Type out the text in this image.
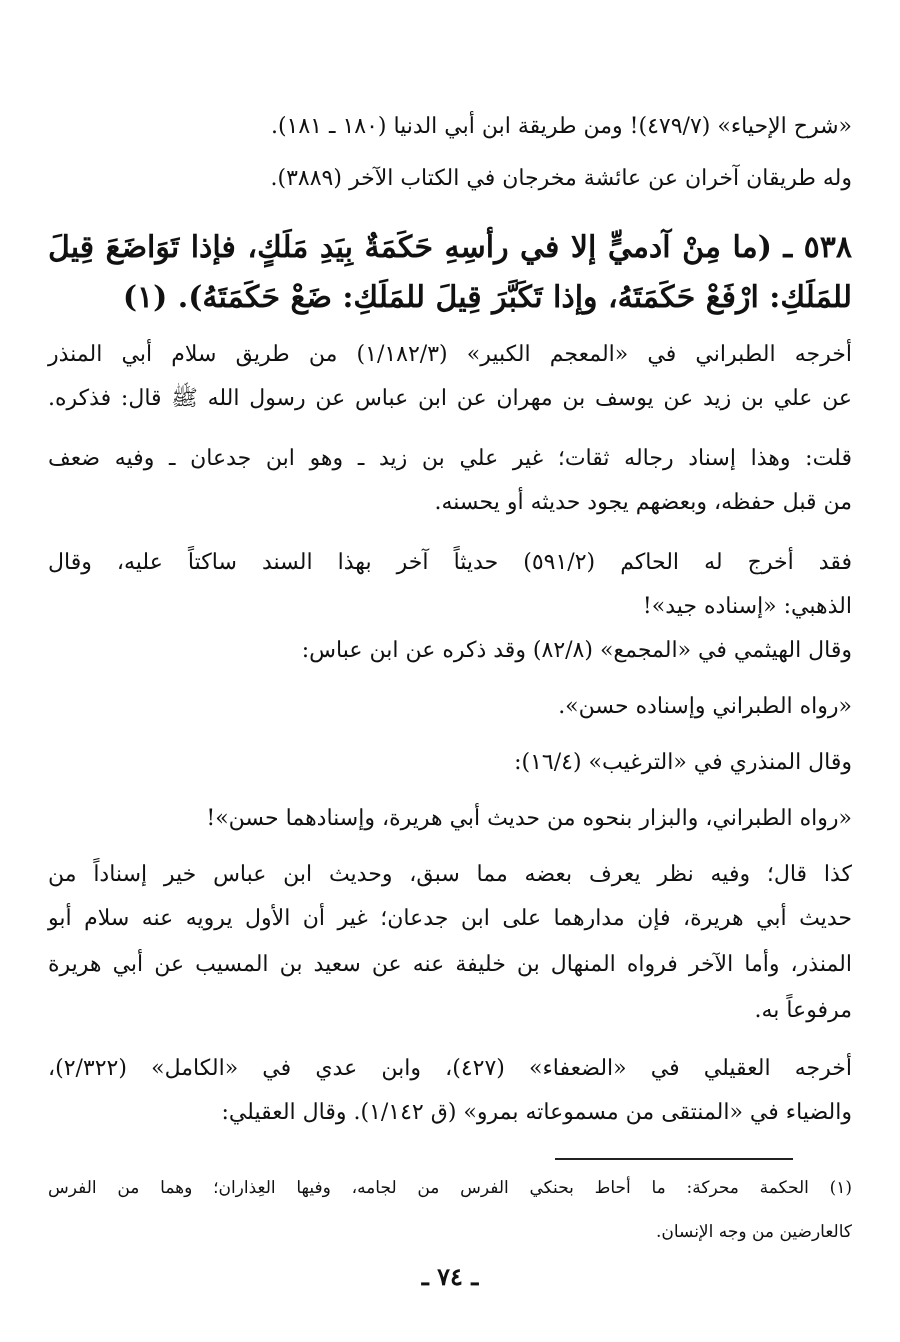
«شرح الإحياء» (٤٧٩/٧)! ومن طريقة ابن أبي الدنيا (١٨٠ ـ ١٨١).
وله طريقان آخران عن عائشة مخرجان في الكتاب الآخر (٣٨٨٩).
٥٣٨ ـ (ما مِنْ آدميٍّ إلا في رأسِهِ حَكَمَةٌ بِيَدِ مَلَكٍ، فإذا تَوَاضَعَ قِيلَ
للمَلَكِ: ارْفَعْ حَكَمَتَهُ، وإذا تَكَبَّرَ قِيلَ للمَلَكِ: ضَعْ حَكَمَتَهُ). (١)
أخرجه الطبراني في «المعجم الكبير» (١/١٨٢/٣) من طريق سلام أبي المنذر
عن علي بن زيد عن يوسف بن مهران عن ابن عباس عن رسول الله ﷺ قال: فذكره.
قلت: وهذا إسناد رجاله ثقات؛ غير علي بن زيد ـ وهو ابن جدعان ـ وفيه ضعف
من قبل حفظه، وبعضهم يجود حديثه أو يحسنه.
فقد أخرج له الحاكم (٥٩١/٢) حديثاً آخر بهذا السند ساكتاً عليه، وقال
الذهبي: «إسناده جيد»!
وقال الهيثمي في «المجمع» (٨٢/٨) وقد ذكره عن ابن عباس:
«رواه الطبراني وإسناده حسن».
وقال المنذري في «الترغيب» (١٦/٤):
«رواه الطبراني، والبزار بنحوه من حديث أبي هريرة، وإسنادهما حسن»!
كذا قال؛ وفيه نظر يعرف بعضه مما سبق، وحديث ابن عباس خير إسناداً من
حديث أبي هريرة، فإن مدارهما على ابن جدعان؛ غير أن الأول يرويه عنه سلام أبو
المنذر، وأما الآخر فرواه المنهال بن خليفة عنه عن سعيد بن المسيب عن أبي هريرة
مرفوعاً به.
أخرجه العقيلي في «الضعفاء» (٤٢٧)، وابن عدي في «الكامل» (٢/٣٢٢)،
والضياء في «المنتقى من مسموعاته بمرو» (ق ١/١٤٢). وقال العقيلي:
(١) الحكمة محركة: ما أحاط بحنكي الفرس من لجامه، وفيها العِذاران؛ وهما من الفرس
كالعارضين من وجه الإنسان.
ـ ٧٤ ـ
